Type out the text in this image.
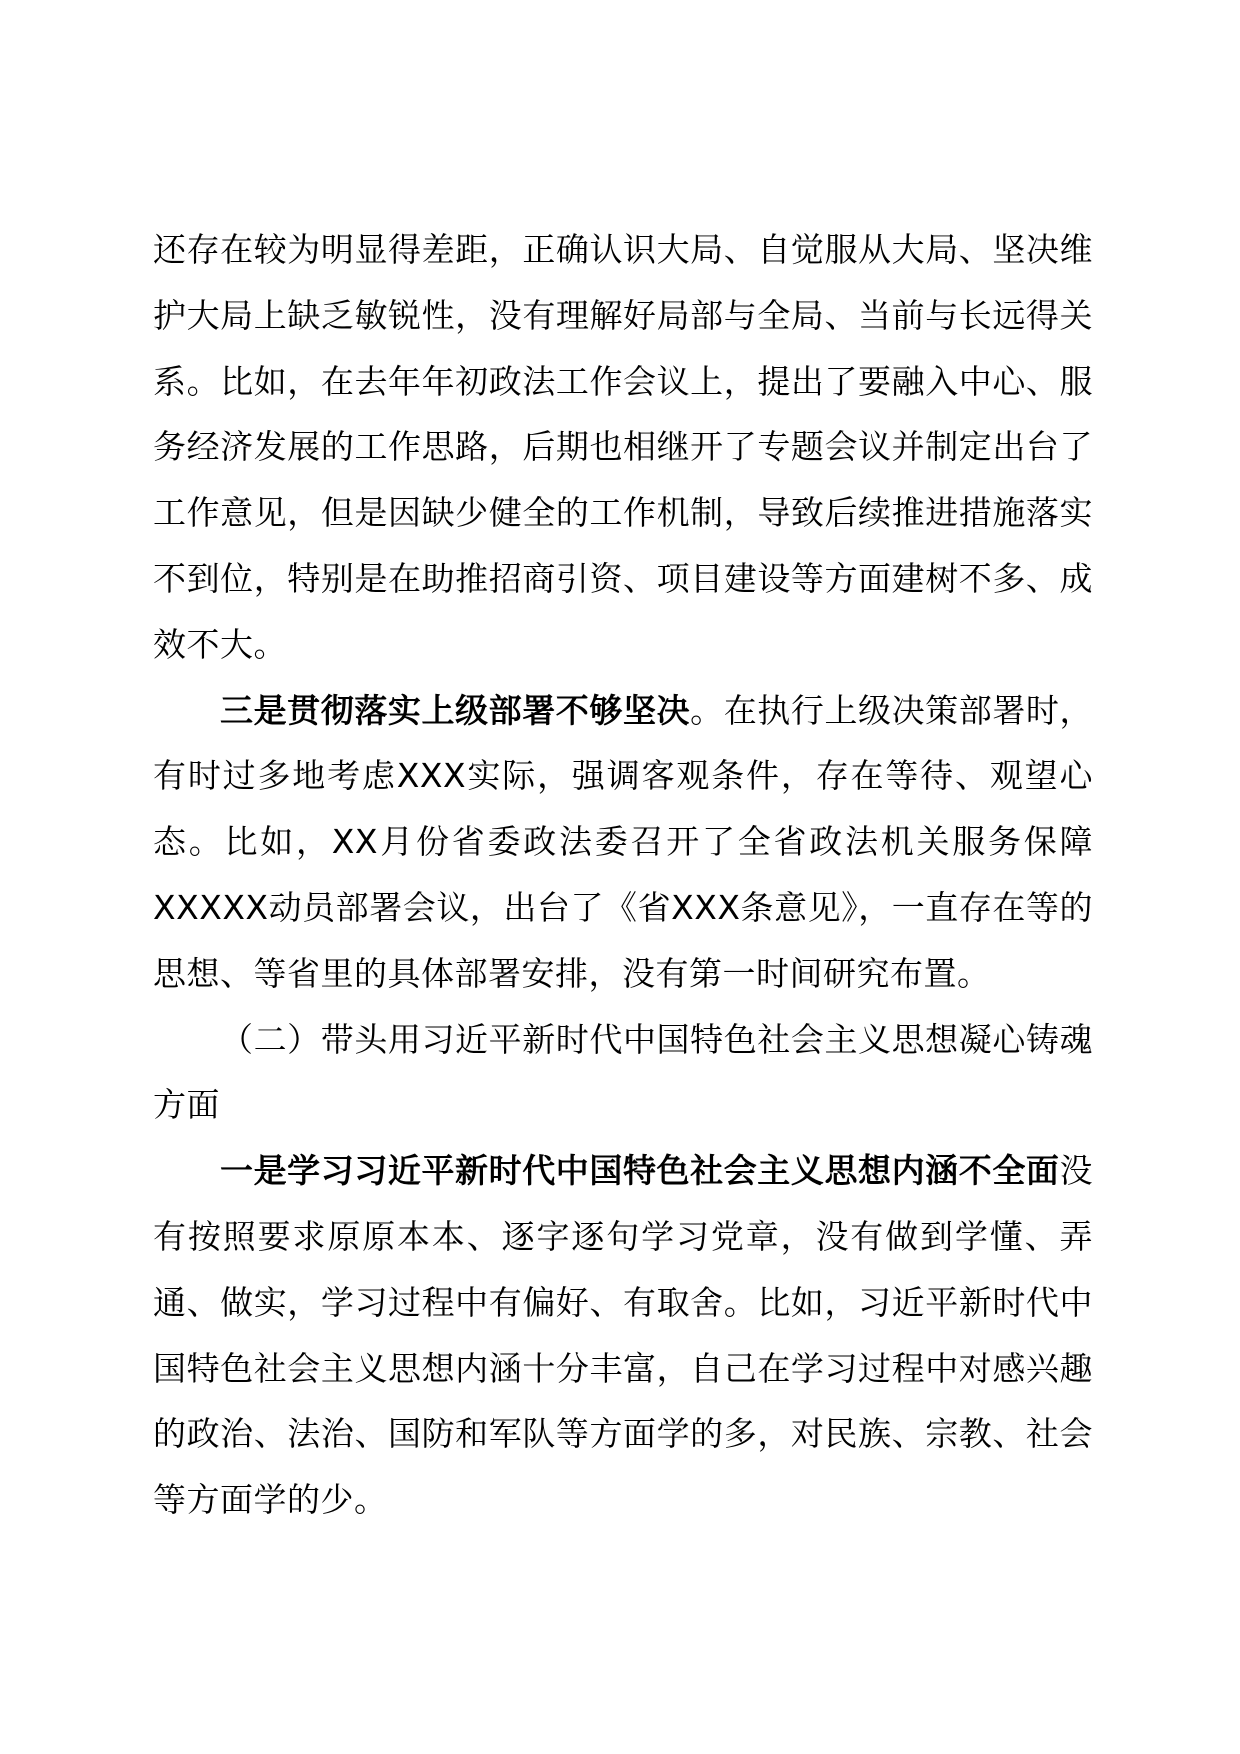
还存在较为明显得差距，正确认识大局、自觉服从大局、坚决维护大局上缺乏敏锐性，没有理解好局部与全局、当前与长远得关系。比如，在去年年初政法工作会议上，提出了要融入中心、服务经济发展的工作思路，后期也相继开了专题会议并制定出台了工作意见，但是因缺少健全的工作机制，导致后续推进措施落实不到位，特别是在助推招商引资、项目建设等方面建树不多、成效不大。

三是贯彻落实上级部署不够坚决。在执行上级决策部署时，有时过多地考虑XXX实际，强调客观条件，存在等待、观望心态。比如，XX月份省委政法委召开了全省政法机关服务保障XXXXX动员部署会议，出台了《省XXX条意见》，一直存在等的思想、等省里的具体部署安排，没有第一时间研究布置。

（二）带头用习近平新时代中国特色社会主义思想凝心铸魂方面

一是学习习近平新时代中国特色社会主义思想内涵不全面没有按照要求原原本本、逐字逐句学习党章，没有做到学懂、弄通、做实，学习过程中有偏好、有取舍。比如，习近平新时代中国特色社会主义思想内涵十分丰富，自己在学习过程中对感兴趣的政治、法治、国防和军队等方面学的多，对民族、宗教、社会等方面学的少。
